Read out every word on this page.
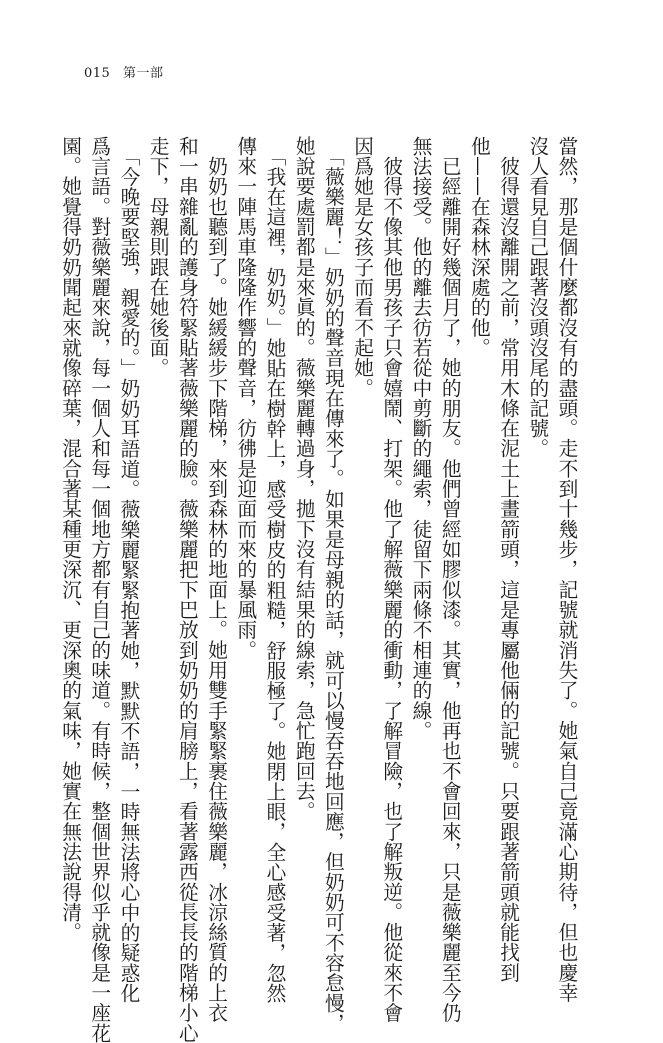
015 第一部
當然，那是個什麼都沒有的盡頭。走不到十幾步，記號就消失了。她氣自己竟滿心期待，但也慶幸
沒人看見自己跟著沒頭沒尾的記號。
　彼得還沒離開之前，常用木條在泥土上畫箭頭，這是專屬他倆的記號。只要跟著箭頭就能找到
他——在森林深處的他。
　已經離開好幾個月了，她的朋友。他們曾經如膠似漆。其實，他再也不會回來，只是薇樂麗至今仍
無法接受。他的離去彷若從中剪斷的繩索，徒留下兩條不相連的線。
　彼得不像其他男孩子只會嬉鬧、打架。他了解薇樂麗的衝動，了解冒險，也了解叛逆。他從來不會
因爲她是女孩子而看不起她。
　「薇樂麗！」奶奶的聲音現在傳來了。如果是母親的話，就可以慢吞吞地回應，但奶奶可不容怠慢，
她說要處罰都是來眞的。薇樂麗轉過身，拋下沒有結果的線索，急忙跑回去。
　「我在這裡，奶奶。」她貼在樹幹上，感受樹皮的粗糙，舒服極了。她閉上眼，全心感受著，忽然
傳來一陣馬車隆隆作響的聲音，彷彿是迎面而來的暴風雨。
　奶奶也聽到了。她緩緩步下階梯，來到森林的地面上。她用雙手緊緊裹住薇樂麗，冰涼絲質的上衣
和一串雜亂的護身符緊貼著薇樂麗的臉。薇樂麗把下巴放到奶奶的肩膀上，看著露西從長長的階梯小心
走下，母親則跟在她後面。
　「今晚要堅強，親愛的。」奶奶耳語道。薇樂麗緊緊抱著她，默默不語，一時無法將心中的疑惑化
爲言語。對薇樂麗來說，每一個人和每一個地方都有自己的味道。有時候，整個世界似乎就像是一座花
園。她覺得奶奶聞起來就像碎葉，混合著某種更深沉、更深奧的氣味，她實在無法說得清。
